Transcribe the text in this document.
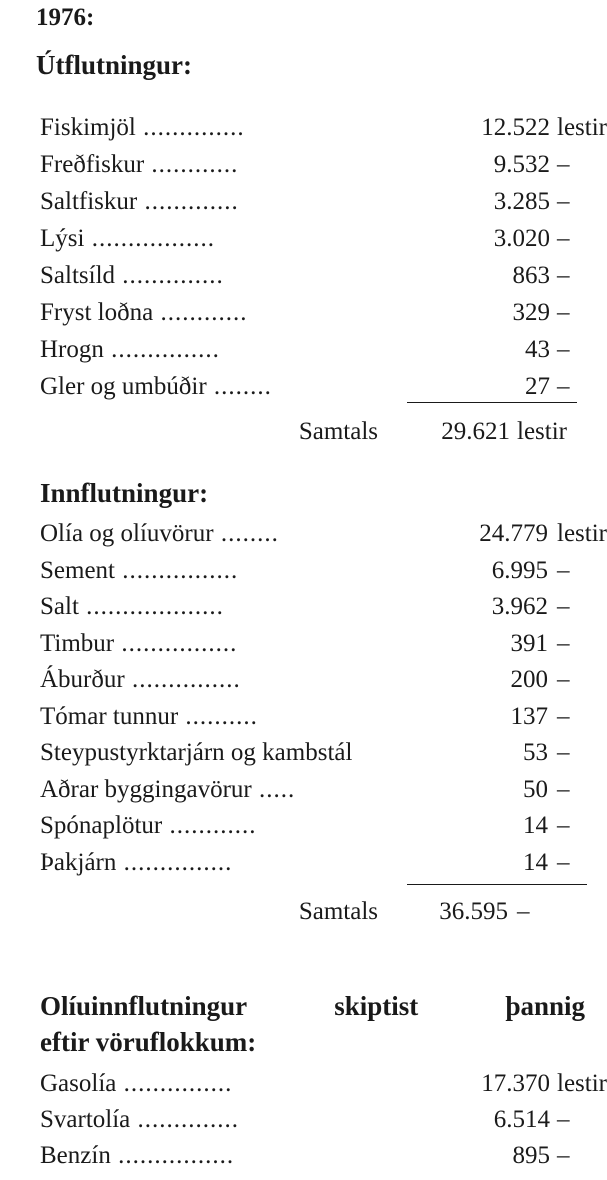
1976:
Útflutningur:
Fiskimjöl ..............	12.522 lestir
Freðfiskur ............	9.532 –
Saltfiskur .............	3.285 –
Lýsi .................	3.020 –
Saltsíld ..............	863 –
Fryst loðna ............	329 –
Hrogn ...............	43 –
Gler og umbúðir ........	27 –
Samtals	29.621 lestir
Innflutningur:
Olía og olíuvörur ........	24.779 lestir
Sement ................	6.995 –
Salt ...................	3.962 –
Timbur ................	391 –
Áburður ...............	200 –
Tómar tunnur ..........	137 –
Steypustyrktarjárn og kambstál	53 –
Aðrar byggingavörur .....	50 –
Spónaplötur ............	14 –
Þakjárn ...............	14 –
Samtals	36.595 –
Olíuinnflutningur	skiptist	þannig
eftir vöruflokkum:
Gasolía ...............	17.370 lestir
Svartolía ..............	6.514 –
Benzín ................	895 –
